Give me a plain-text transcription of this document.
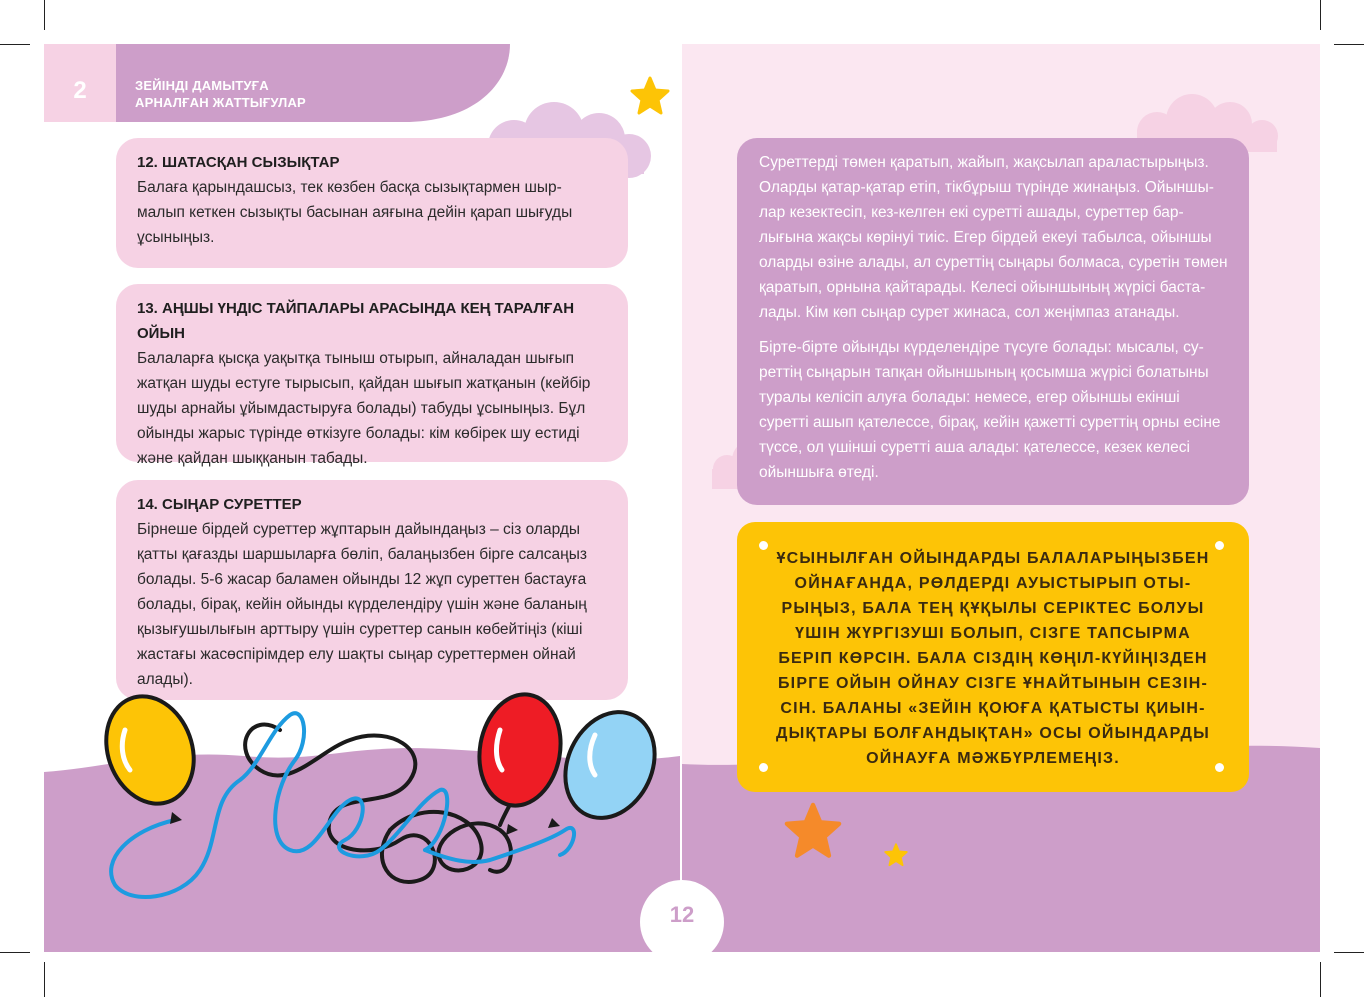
2	ЗЕЙІНДІ ДАМЫТУҒА
АРНАЛҒАН ЖАТТЫҒУЛАР
12. ШАТАСҚАН СЫЗЫҚТАР

Балаға қарындашсыз, тек көзбен басқа сызықтармен шыр-малып кеткен сызықты басынан аяғына дейін қарап шығуды ұсыныңыз.

13. АҢШЫ ҮНДІС ТАЙПАЛАРЫ АРАСЫНДА КЕҢ ТАРАЛҒАН ОЙЫН

Балаларға қысқа уақытқа тыныш отырып, айналадан шығып жатқан шуды естуге тырысып, қайдан шығып жатқанын (кейбір шуды арнайы ұйымдастыруға болады) табуды ұсыныңыз. Бұл ойынды жарыс түрінде өткізуге болады: кім көбірек шу естиді және қайдан шыққанын табады.

14. СЫҢАР СУРЕТТЕР

Бірнеше бірдей суреттер жұптарын дайындаңыз – сіз оларды қатты қағазды шаршыларға бөліп, балаңызбен бірге салсаңыз болады. 5-6 жасар баламен ойынды 12 жұп суреттен бастауға болады, бірақ, кейін ойынды күрделендіру үшін және баланың қызығушылығын арттыру үшін суреттер санын көбейтіңіз (кіші жастағы жасөспірімдер елу шақты сыңар суреттермен ойнай алады).

Суреттерді төмен қаратып, жайып, жақсылап араластырыңыз. Оларды қатар-қатар етіп, тікбұрыш түрінде жинаңыз. Ойыншы-лар кезектесіп, кез-келген екі суретті ашады, суреттер бар-лығына жақсы көрінуі тиіс. Егер бірдей екеуі табылса, ойыншы оларды өзіне алады, ал суреттің сыңары болмаса, суретін төмен қаратып, орнына қайтарады. Келесі ойыншының жүрісі баста-лады. Кім көп сыңар сурет жинаса, сол жеңімпаз атанады.

Біртe-бірте ойынды күрделендіре түсуге болады: мысалы, су-реттің сыңарын тапқан ойыншының қосымша жүрісі болатыны туралы келісіп алуға болады: немесе, егер ойыншы екінші суретті ашып қателессе, бірақ, кейін қажетті суреттің орны есіне түссе, ол үшінші суретті аша алады: қателессе, кезек келесі ойыншыға өтеді.

ҰСЫНЫЛҒАН ОЙЫНДАРДЫ БАЛАЛАРЫҢЫЗБЕН ОЙНАҒАНДА, РӨЛДЕРДІ АУЫСТЫРЫП ОТЫ-РЫҢЫЗ, БАЛА ТЕҢ ҚҰҚЫЛЫ СЕРІКТЕС БОЛУЫ ҮШІН ЖҮРГІЗУШІ БОЛЫП, СІЗГЕ ТАПСЫРМА БЕРІП КӨРСІН. БАЛА СІЗДІҢ КӨҢІЛ-КҮЙІҢІЗДЕН БІРГЕ ОЙЫН ОЙНАУ СІЗГЕ ҰНАЙТЫНЫН СЕЗІН-СІН. БАЛАНЫ «ЗЕЙІН ҚОЮҒА ҚАТЫСТЫ ҚИЫН-ДЫҚТАРЫ БОЛҒАНДЫҚТАН» ОСЫ ОЙЫНДАРДЫ ОЙНАУҒА МӘЖБҮРЛЕМЕҢІЗ.
12
